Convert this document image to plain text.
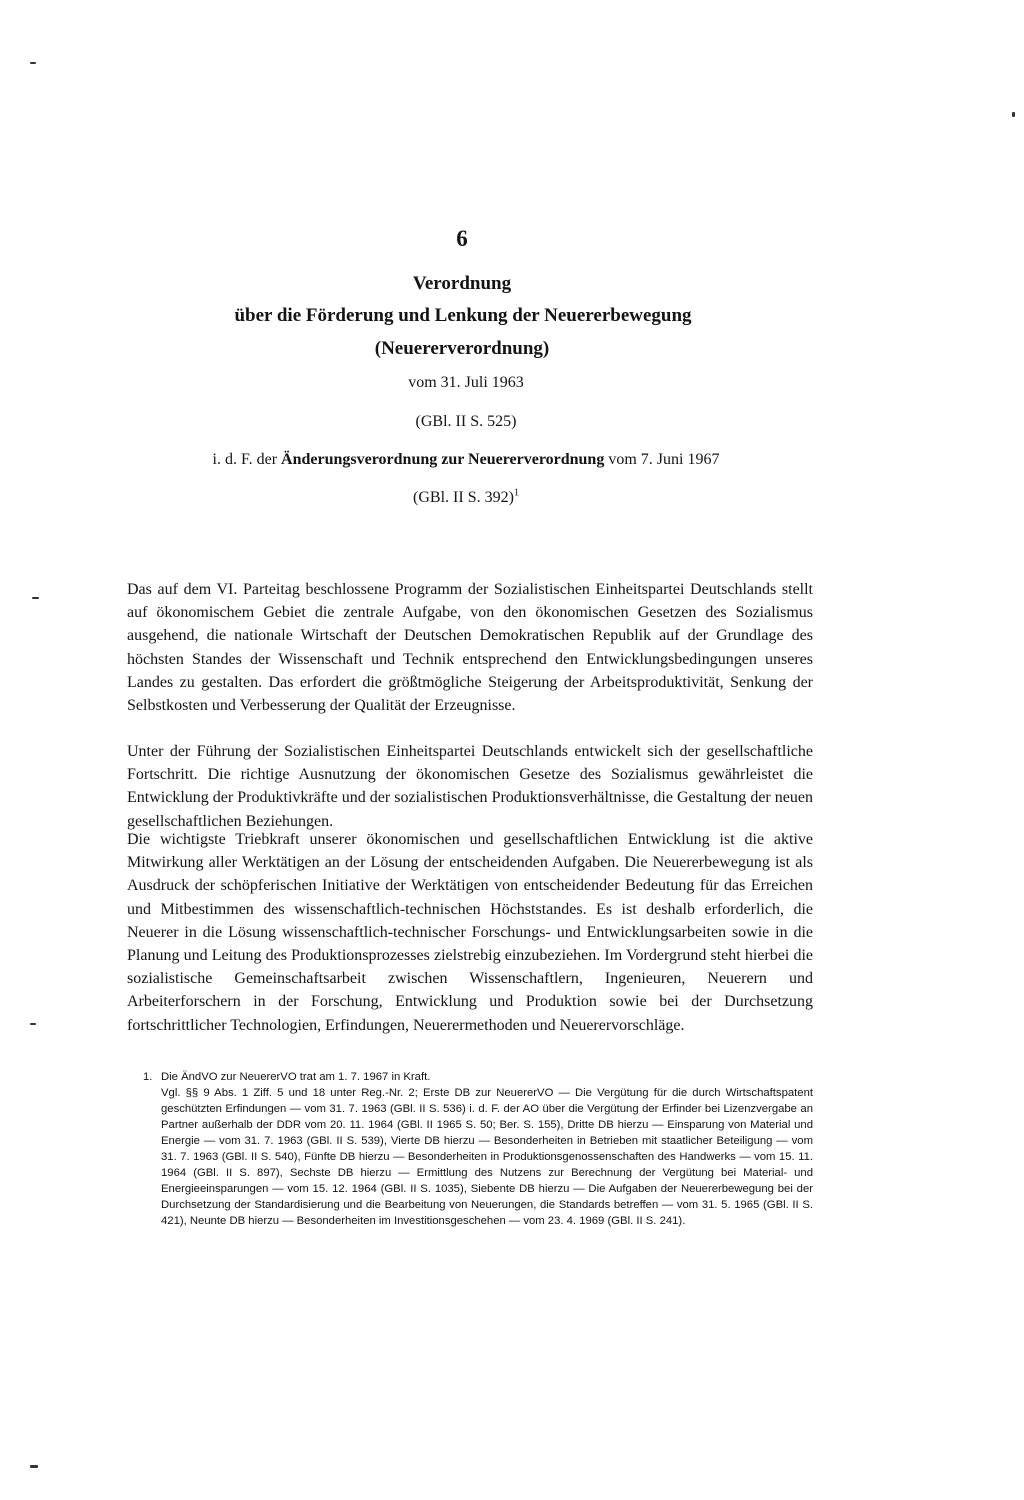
6
Verordnung
über die Förderung und Lenkung der Neuererbewegung
(Neuererverordnung)
vom 31. Juli 1963
(GBl. II S. 525)
i. d. F. der Änderungsverordnung zur Neuererverordnung vom 7. Juni 1967
(GBl. II S. 392)$^1$

Das auf dem VI. Parteitag beschlossene Programm der Sozialistischen Einheitspartei Deutschlands stellt auf ökonomischem Gebiet die zentrale Aufgabe, von den ökonomischen Gesetzen des Sozialismus ausgehend, die nationale Wirtschaft der Deutschen Demokratischen Republik auf der Grundlage des höchsten Standes der Wissenschaft und Technik entsprechend den Entwicklungsbedingungen unseres Landes zu gestalten. Das erfordert die größtmögliche Steigerung der Arbeitsproduktivität, Senkung der Selbstkosten und Verbesserung der Qualität der Erzeugnisse.

Unter der Führung der Sozialistischen Einheitspartei Deutschlands entwickelt sich der gesellschaftliche Fortschritt. Die richtige Ausnutzung der ökonomischen Gesetze des Sozialismus gewährleistet die Entwicklung der Produktivkräfte und der sozialistischen Produktionsverhältnisse, die Gestaltung der neuen gesellschaftlichen Beziehungen.

Die wichtigste Triebkraft unserer ökonomischen und gesellschaftlichen Entwicklung ist die aktive Mitwirkung aller Werktätigen an der Lösung der entscheidenden Aufgaben. Die Neuererbewegung ist als Ausdruck der schöpferischen Initiative der Werktätigen von entscheidender Bedeutung für das Erreichen und Mitbestimmen des wissenschaftlich-technischen Höchststandes. Es ist deshalb erforderlich, die Neuerer in die Lösung wissenschaftlich-technischer Forschungs- und Entwicklungsarbeiten sowie in die Planung und Leitung des Produktionsprozesses zielstrebig einzubeziehen. Im Vordergrund steht hierbei die sozialistische Gemeinschaftsarbeit zwischen Wissenschaftlern, Ingenieuren, Neuerern und Arbeiterforschern in der Forschung, Entwicklung und Produktion sowie bei der Durchsetzung fortschrittlicher Technologien, Erfindungen, Neuerermethoden und Neuerervorschläge.

1. Die ÄndVO zur NeuererVO trat am 1. 7. 1967 in Kraft.
Vgl. §§ 9 Abs. 1 Ziff. 5 und 18 unter Reg.-Nr. 2; Erste DB zur NeuererVO — Die Vergütung für die durch Wirtschaftspatent geschützten Erfindungen — vom 31. 7. 1963 (GBl. II S. 536) i. d. F. der AO über die Vergütung der Erfinder bei Lizenzvergabe an Partner außerhalb der DDR vom 20. 11. 1964 (GBl. II 1965 S. 50; Ber. S. 155), Dritte DB hierzu — Einsparung von Material und Energie — vom 31. 7. 1963 (GBl. II S. 539), Vierte DB hierzu — Besonderheiten in Betrieben mit staatlicher Beteiligung — vom 31. 7. 1963 (GBl. II S. 540), Fünfte DB hierzu — Besonderheiten in Produktionsgenossenschaften des Handwerks — vom 15. 11. 1964 (GBl. II S. 897), Sechste DB hierzu — Ermittlung des Nutzens zur Berechnung der Vergütung bei Material- und Energieeinsparungen — vom 15. 12. 1964 (GBl. II S. 1035), Siebente DB hierzu — Die Aufgaben der Neuererbewegung bei der Durchsetzung der Standardisierung und die Bearbeitung von Neuerungen, die Standards betreffen — vom 31. 5. 1965 (GBl. II S. 421), Neunte DB hierzu — Besonderheiten im Investitionsgeschehen — vom 23. 4. 1969 (GBl. II S. 241).
